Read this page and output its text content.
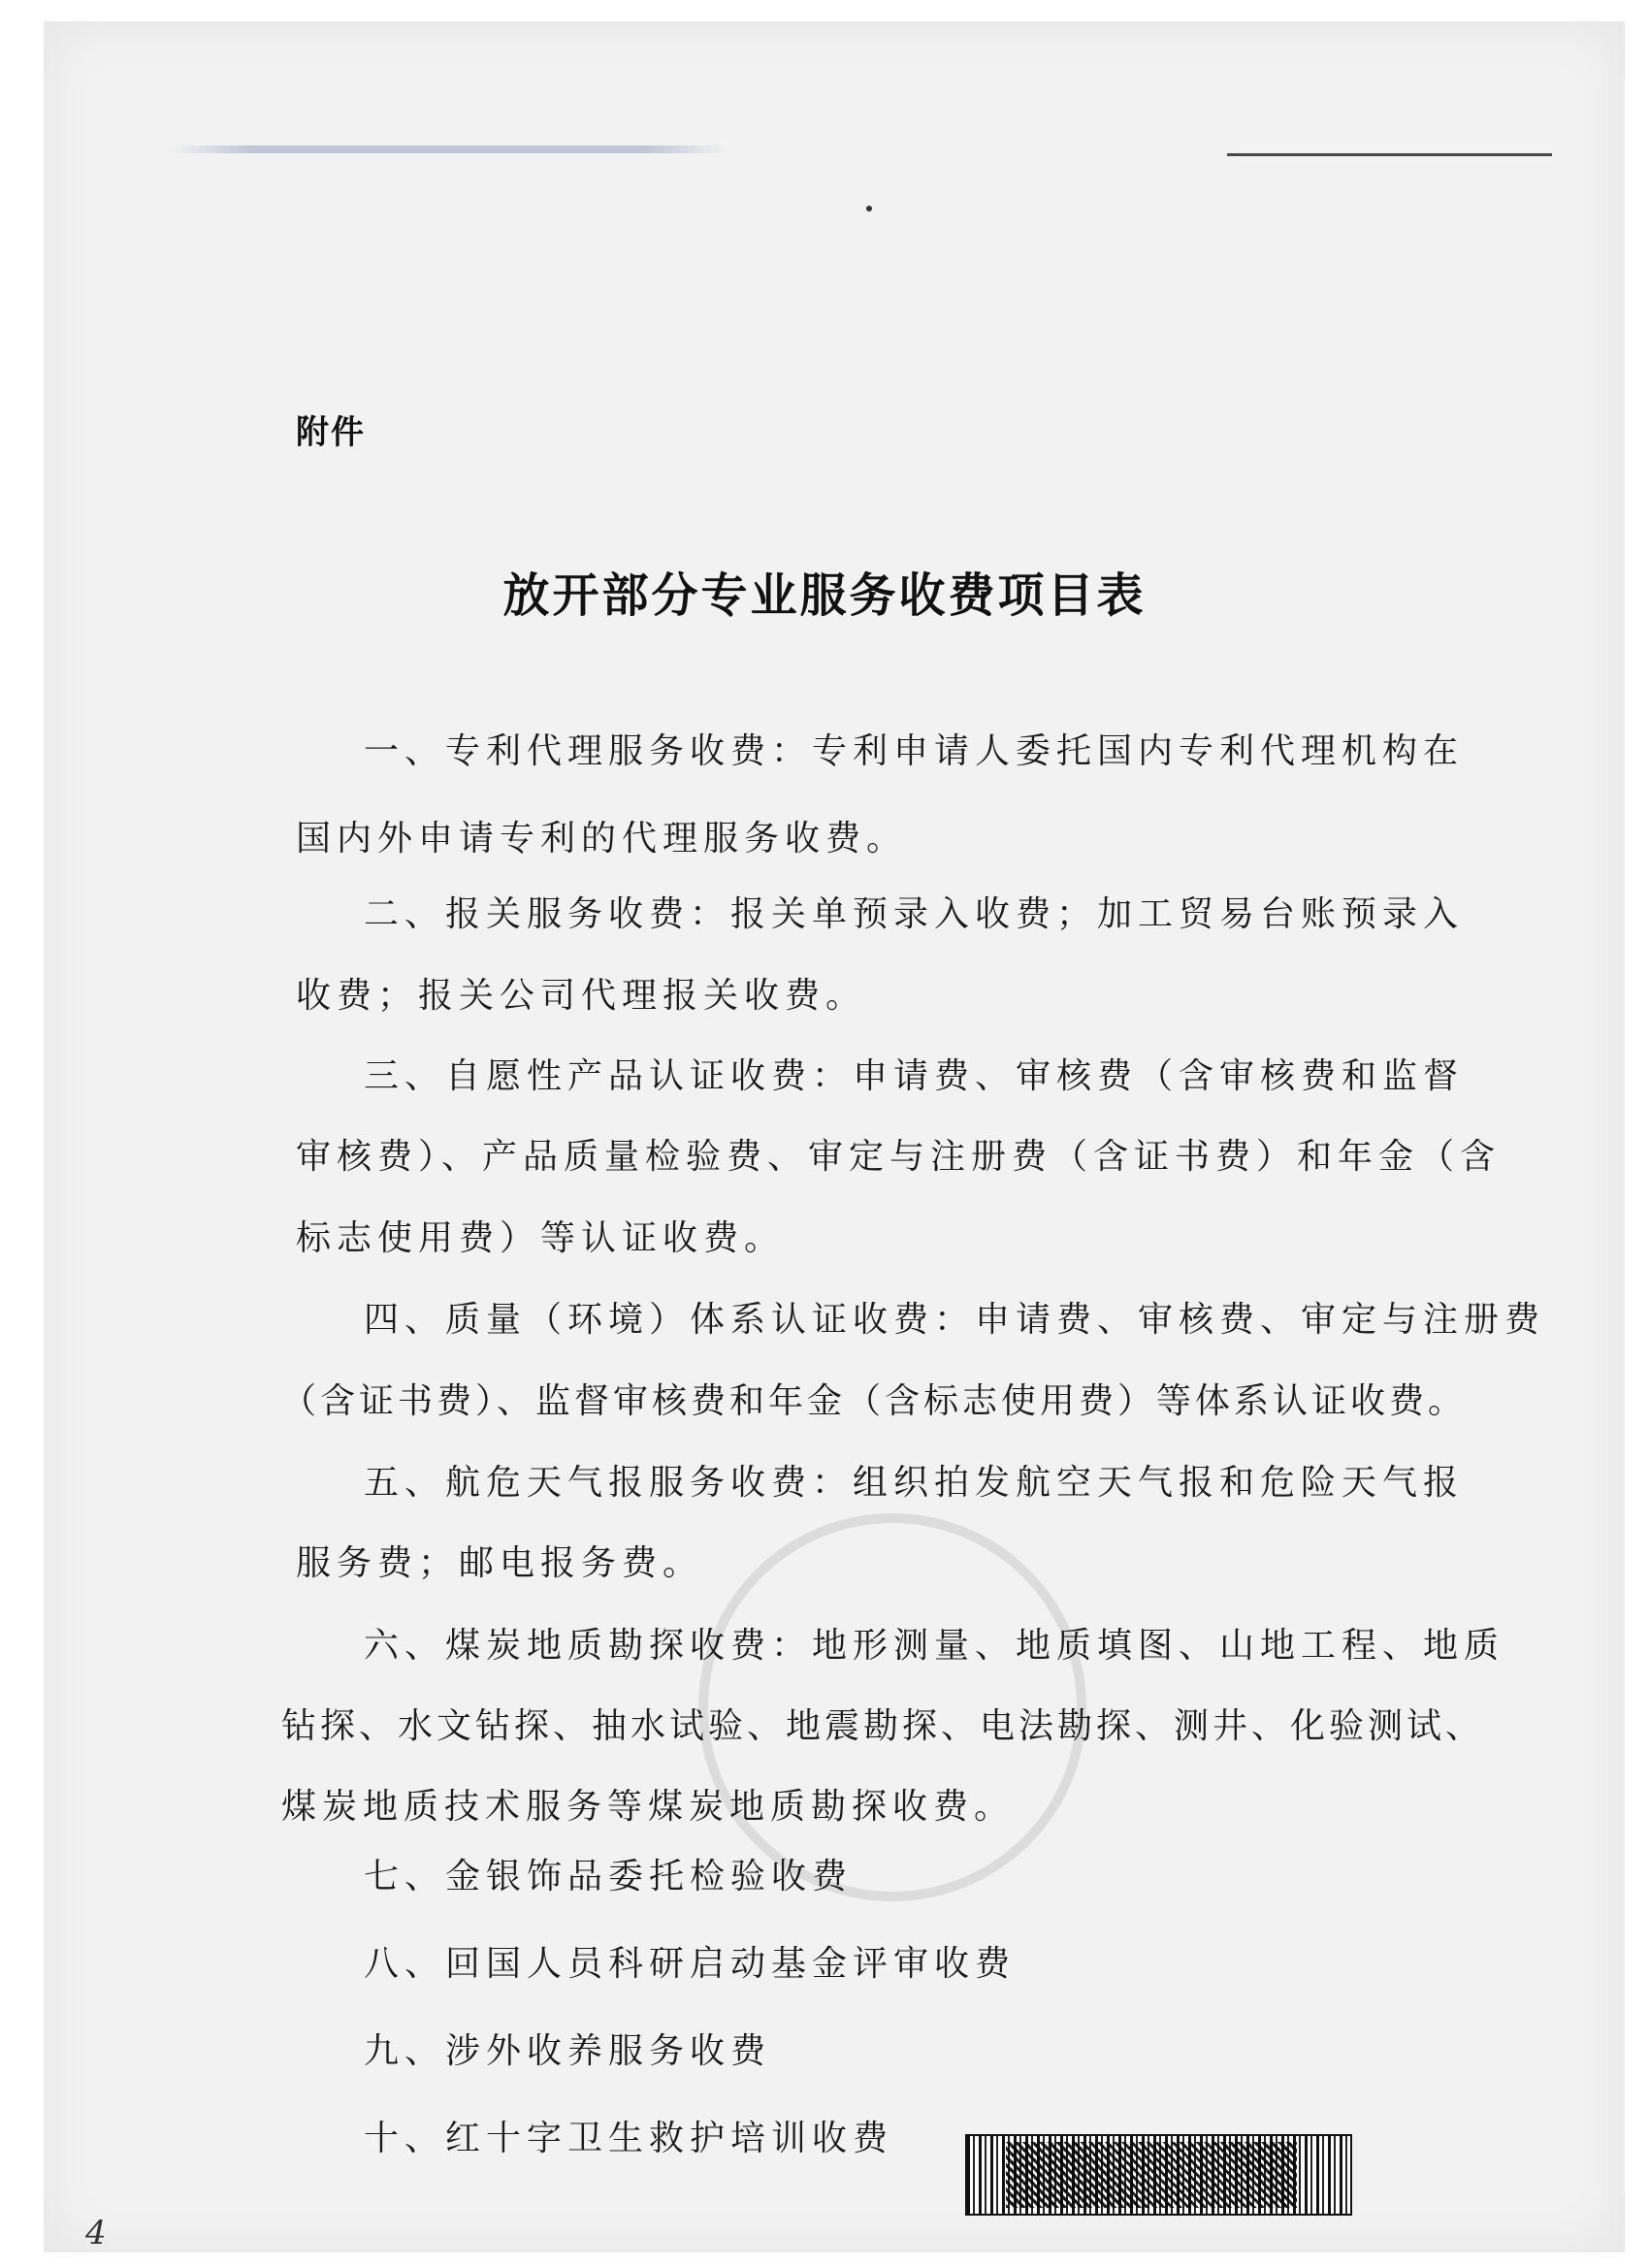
附件
放开部分专业服务收费项目表
一、专利代理服务收费：专利申请人委托国内专利代理机构在
国内外申请专利的代理服务收费。
二、报关服务收费：报关单预录入收费；加工贸易台账预录入
收费；报关公司代理报关收费。
三、自愿性产品认证收费：申请费、审核费（含审核费和监督
审核费）、产品质量检验费、审定与注册费（含证书费）和年金（含
标志使用费）等认证收费。
四、质量（环境）体系认证收费：申请费、审核费、审定与注册费
（含证书费）、监督审核费和年金（含标志使用费）等体系认证收费。
五、航危天气报服务收费：组织拍发航空天气报和危险天气报
服务费；邮电报务费。
六、煤炭地质勘探收费：地形测量、地质填图、山地工程、地质
钻探、水文钻探、抽水试验、地震勘探、电法勘探、测井、化验测试、
煤炭地质技术服务等煤炭地质勘探收费。
七、金银饰品委托检验收费
八、回国人员科研启动基金评审收费
九、涉外收养服务收费
十、红十字卫生救护培训收费
4
